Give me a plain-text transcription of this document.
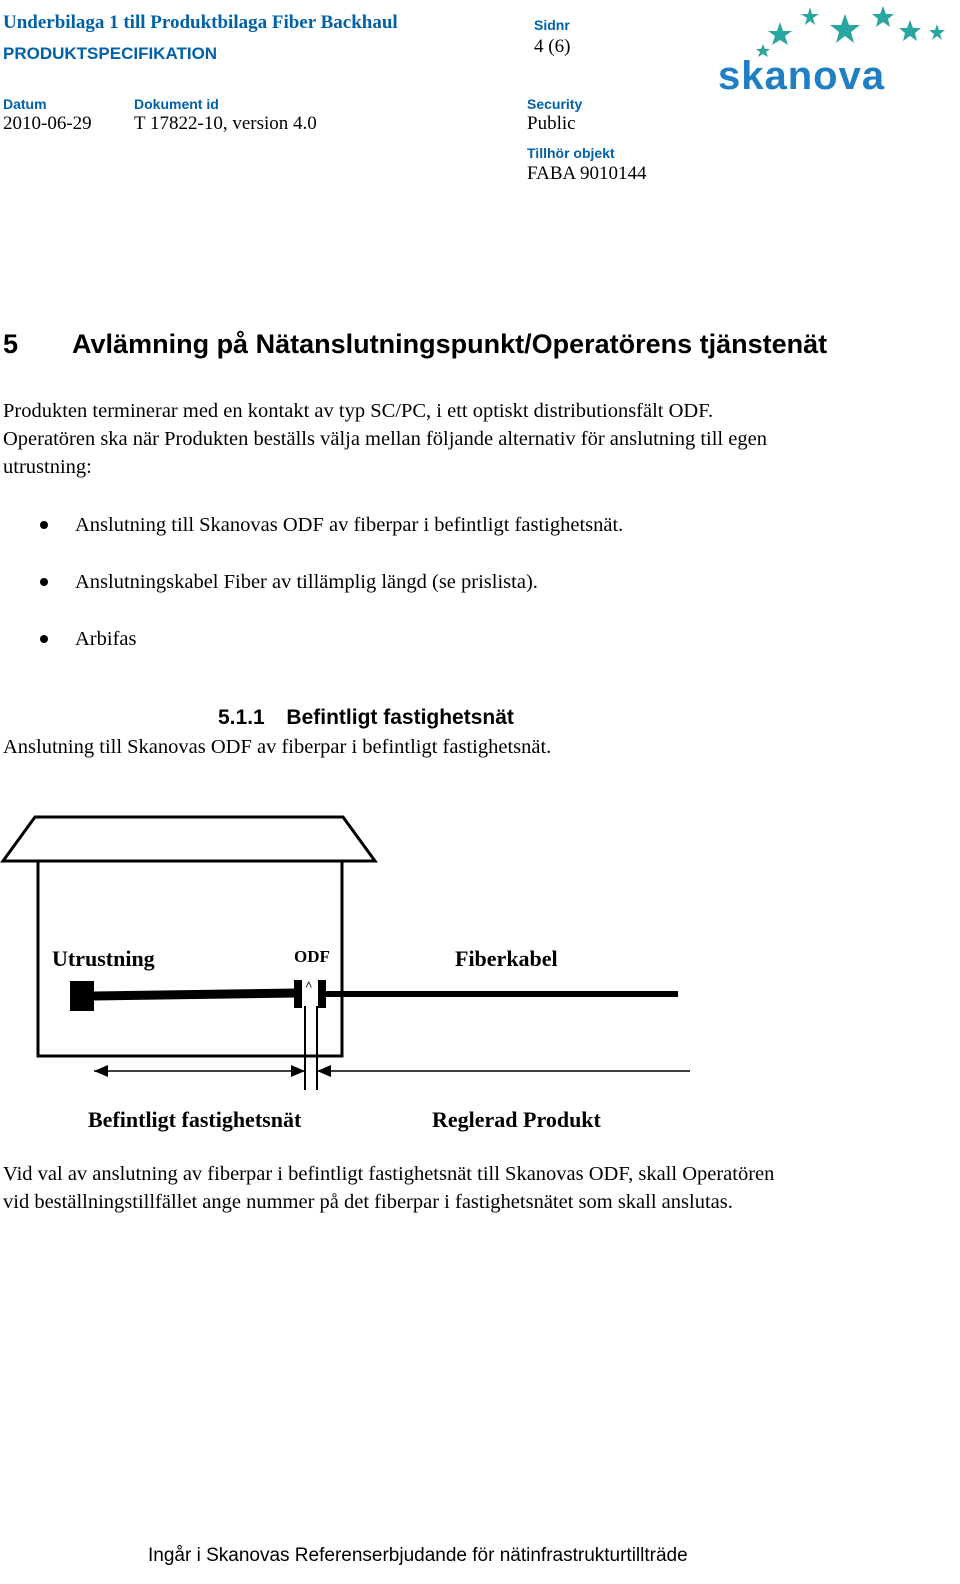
Underbilaga 1 till Produktbilaga Fiber Backhaul
PRODUKTSPECIFIKATION
Sidnr
4 (6)
Datum
2010-06-29
Dokument id
T 17822-10, version 4.0
Security
Public
Tillhör objekt
FABA 9010144
skanova
5 Avlämning på Nätanslutningspunkt/Operatörens tjänstenät
Produkten terminerar med en kontakt av typ SC/PC, i ett optiskt distributionsfält ODF.
Operatören ska när Produkten beställs välja mellan följande alternativ för anslutning till egen
utrustning:
Anslutning till Skanovas ODF av fiberpar i befintligt fastighetsnät.
Anslutningskabel Fiber av tillämplig längd (se prislista).
Arbifas
5.1.1 Befintligt fastighetsnät
Anslutning till Skanovas ODF av fiberpar i befintligt fastighetsnät.
^
Utrustning	ODF	Fiberkabel
Befintligt fastighetsnät	Reglerad Produkt
Vid val av anslutning av fiberpar i befintligt fastighetsnät till Skanovas ODF, skall Operatören
vid beställningstillfället ange nummer på det fiberpar i fastighetsnätet som skall anslutas.
Ingår i Skanovas Referenserbjudande för nätinfrastrukturtillträde
